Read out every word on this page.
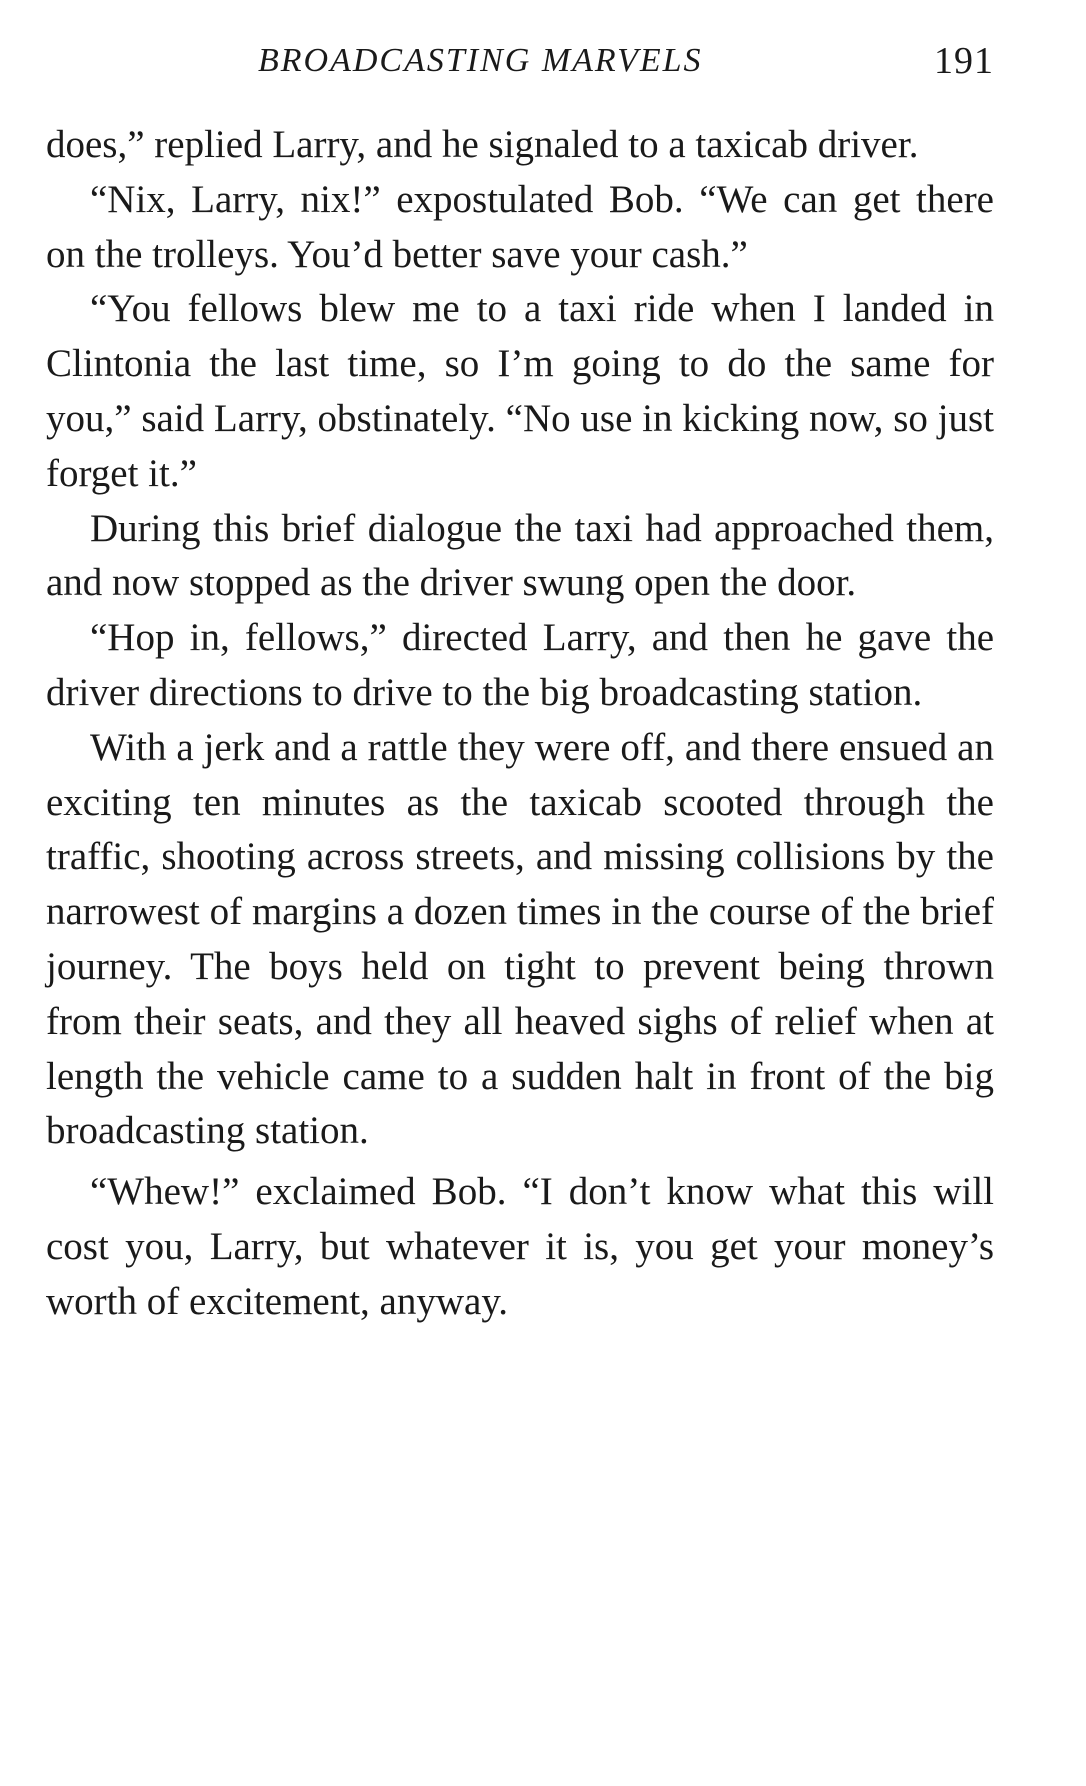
BROADCASTING MARVELS	191

does,” replied Larry, and he signaled to a taxicab driver.

“Nix, Larry, nix!” expostulated Bob. “We can get there on the trolleys. You’d better save your cash.”

“You fellows blew me to a taxi ride when I landed in Clintonia the last time, so I’m going to do the same for you,” said Larry, obstinately. “No use in kicking now, so just forget it.”

During this brief dialogue the taxi had approached them, and now stopped as the driver swung open the door.

“Hop in, fellows,” directed Larry, and then he gave the driver directions to drive to the big broadcasting station.

With a jerk and a rattle they were off, and there ensued an exciting ten minutes as the taxicab scooted through the traffic, shooting across streets, and missing collisions by the narrowest of margins a dozen times in the course of the brief journey. The boys held on tight to prevent being thrown from their seats, and they all heaved sighs of relief when at length the vehicle came to a sudden halt in front of the big broadcasting station.

“Whew!” exclaimed Bob. “I don’t know what this will cost you, Larry, but whatever it is, you get your money’s worth of excitement, anyway.
